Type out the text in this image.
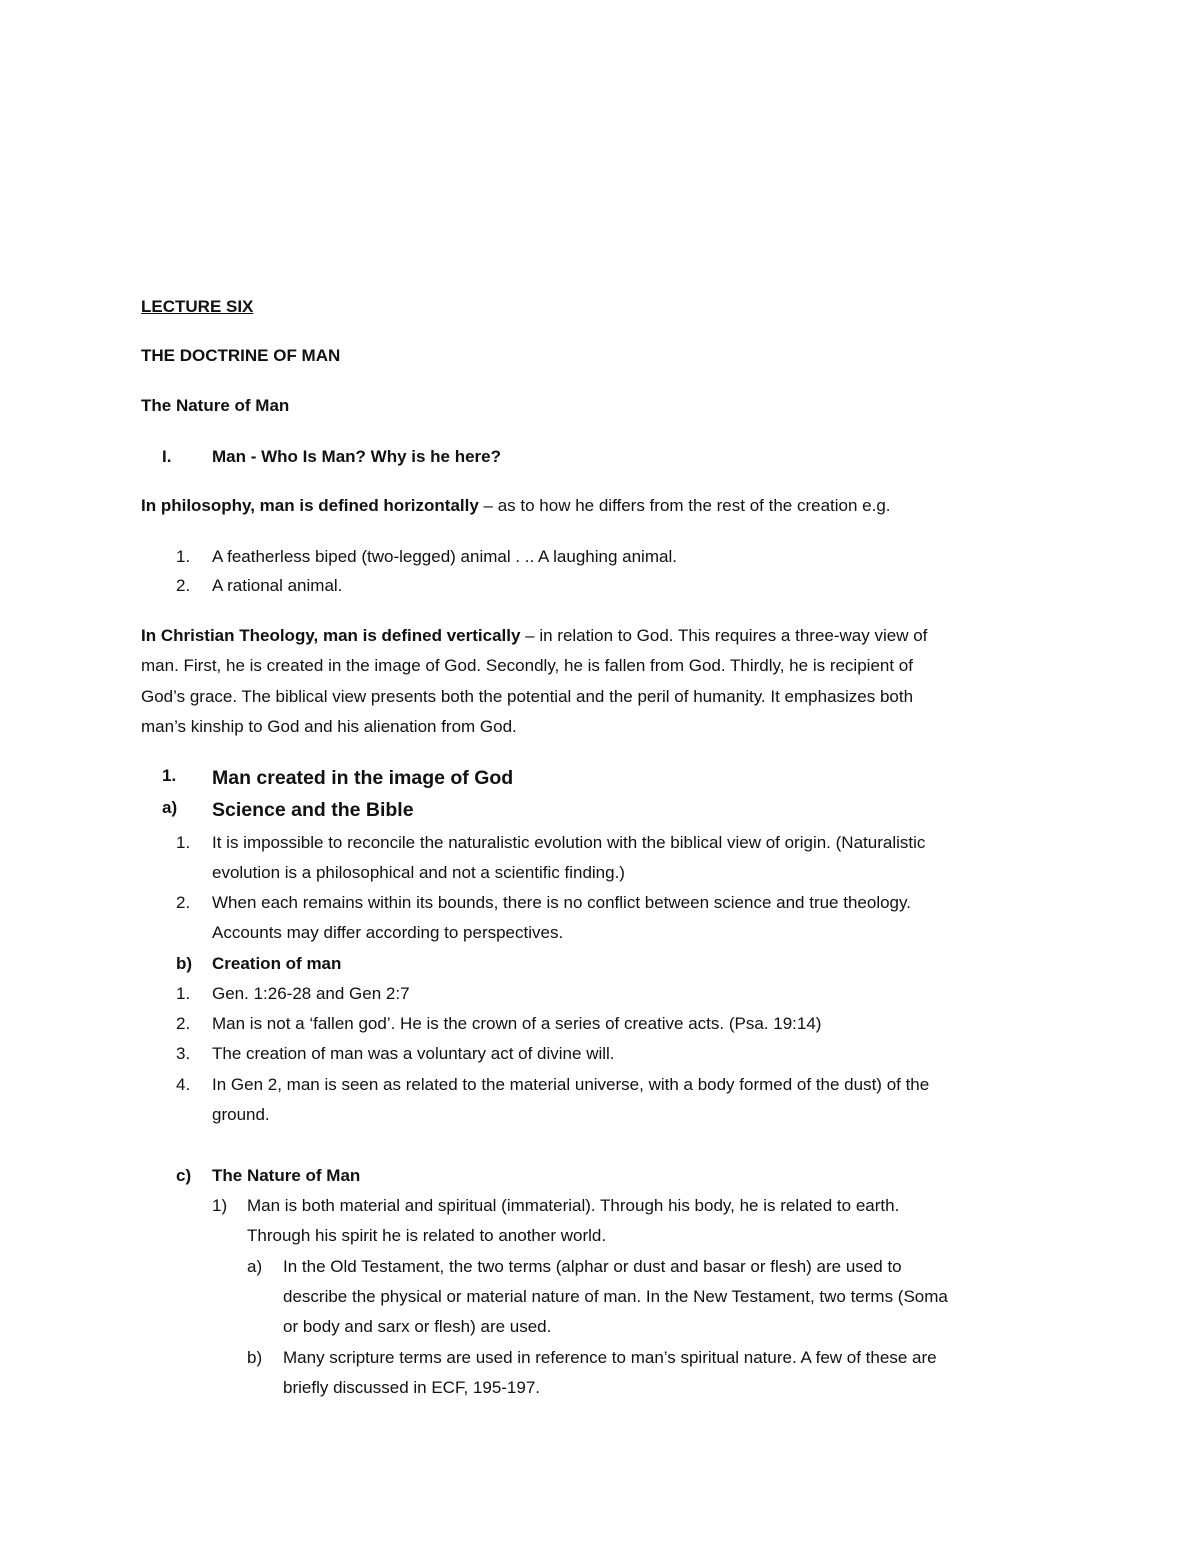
LECTURE SIX
THE DOCTRINE OF MAN
The Nature of Man
I. Man - Who Is Man? Why is he here?
In philosophy, man is defined horizontally – as to how he differs from the rest of the creation e.g.
1. A featherless biped (two-legged) animal . .. A laughing animal.
2. A rational animal.
In Christian Theology, man is defined vertically – in relation to God. This requires a three-way view of
man. First, he is created in the image of God. Secondly, he is fallen from God. Thirdly, he is recipient of
God’s grace. The biblical view presents both the potential and the peril of humanity. It emphasizes both
man’s kinship to God and his alienation from God.
1. Man created in the image of God
a) Science and the Bible
1. It is impossible to reconcile the naturalistic evolution with the biblical view of origin. (Naturalistic
evolution is a philosophical and not a scientific finding.)
2. When each remains within its bounds, there is no conflict between science and true theology.
Accounts may differ according to perspectives.
b) Creation of man
1. Gen. 1:26-28 and Gen 2:7
2. Man is not a ‘fallen god’. He is the crown of a series of creative acts. (Psa. 19:14)
3. The creation of man was a voluntary act of divine will.
4. In Gen 2, man is seen as related to the material universe, with a body formed of the dust) of the
ground.
c) The Nature of Man
1) Man is both material and spiritual (immaterial). Through his body, he is related to earth.
Through his spirit he is related to another world.
a) In the Old Testament, the two terms (alphar or dust and basar or flesh) are used to
describe the physical or material nature of man. In the New Testament, two terms (Soma
or body and sarx or flesh) are used.
b) Many scripture terms are used in reference to man’s spiritual nature. A few of these are
briefly discussed in ECF, 195-197.
